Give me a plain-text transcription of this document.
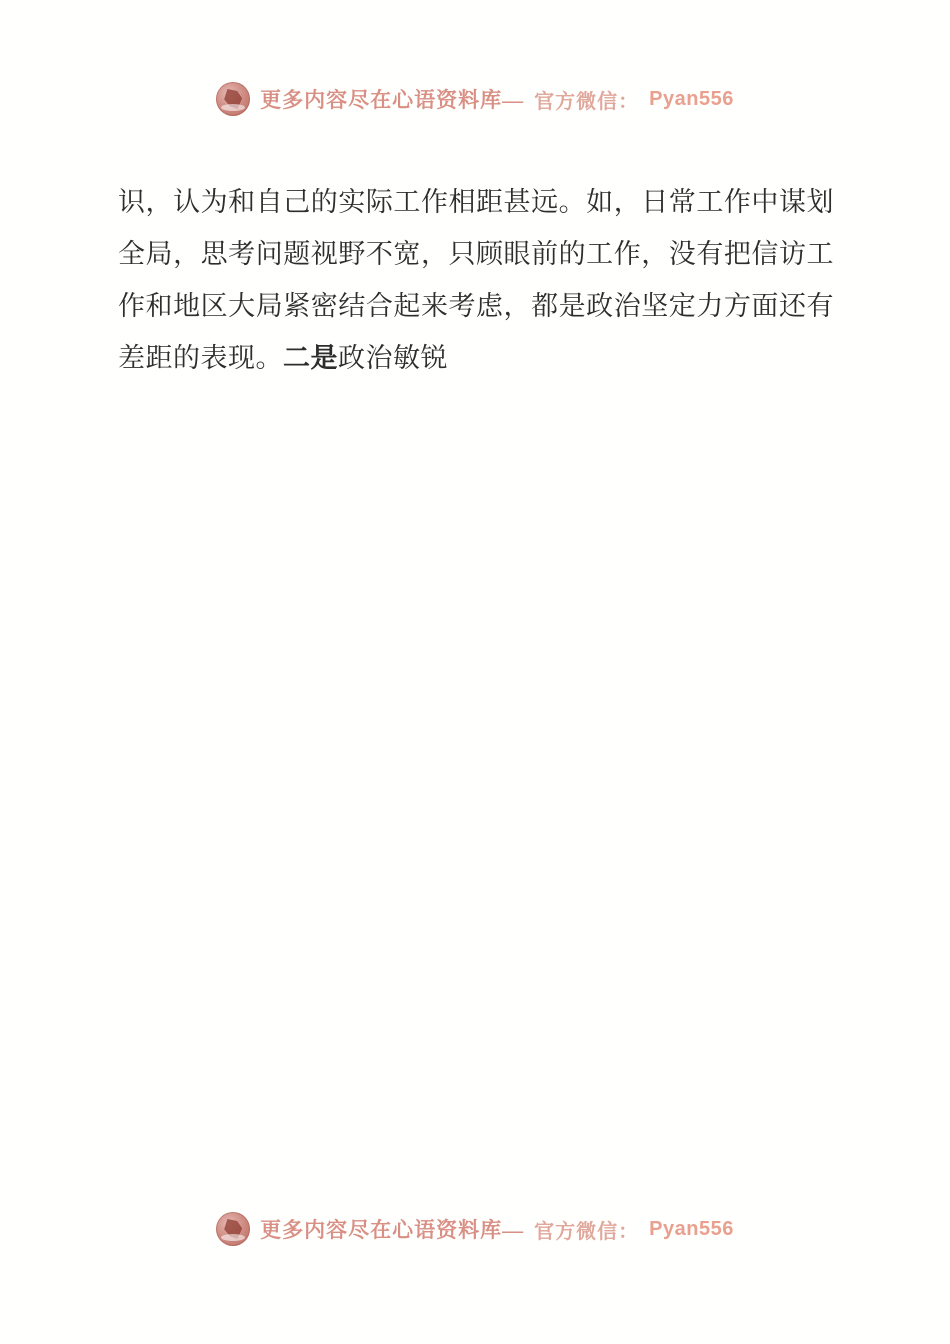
更多内容尽在心语资料库— 官方微信： Pyan556

识，认为和自己的实际工作相距甚远。如，日常工作中谋划全局，思考问题视野不宽，只顾眼前的工作，没有把信访工作和地区大局紧密结合起来考虑，都是政治坚定力方面还有差距的表现。二是政治敏锐

更多内容尽在心语资料库— 官方微信： Pyan556
